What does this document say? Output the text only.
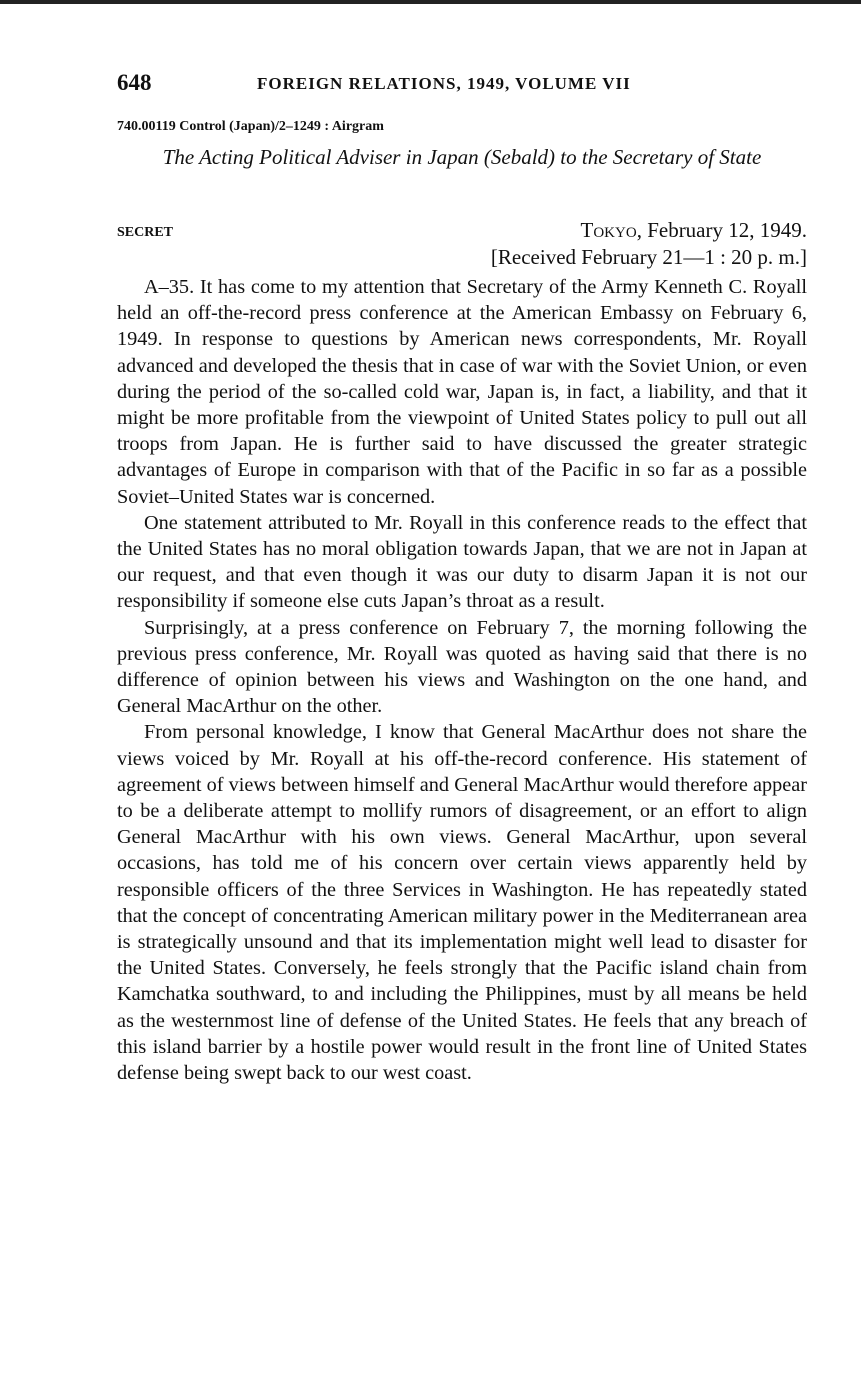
648	FOREIGN RELATIONS, 1949, VOLUME VII
740.00119 Control (Japan)/2–1249 : Airgram
The Acting Political Adviser in Japan (Sebald) to the Secretary of State
SECRET	Tokyo, February 12, 1949.
[Received February 21—1 : 20 p. m.]

A–35. It has come to my attention that Secretary of the Army Kenneth C. Royall held an off-the-record press conference at the American Embassy on February 6, 1949. In response to questions by American news correspondents, Mr. Royall advanced and developed the thesis that in case of war with the Soviet Union, or even during the period of the so-called cold war, Japan is, in fact, a liability, and that it might be more profitable from the viewpoint of United States policy to pull out all troops from Japan. He is further said to have discussed the greater strategic advantages of Europe in comparison with that of the Pacific in so far as a possible Soviet–United States war is concerned.

One statement attributed to Mr. Royall in this conference reads to the effect that the United States has no moral obligation towards Japan, that we are not in Japan at our request, and that even though it was our duty to disarm Japan it is not our responsibility if someone else cuts Japan’s throat as a result.

Surprisingly, at a press conference on February 7, the morning following the previous press conference, Mr. Royall was quoted as having said that there is no difference of opinion between his views and Washington on the one hand, and General MacArthur on the other.

From personal knowledge, I know that General MacArthur does not share the views voiced by Mr. Royall at his off-the-record conference. His statement of agreement of views between himself and General MacArthur would therefore appear to be a deliberate attempt to mollify rumors of disagreement, or an effort to align General MacArthur with his own views. General MacArthur, upon several occasions, has told me of his concern over certain views apparently held by responsible officers of the three Services in Washington. He has repeatedly stated that the concept of concentrating American military power in the Mediterranean area is strategically unsound and that its implementation might well lead to disaster for the United States. Conversely, he feels strongly that the Pacific island chain from Kamchatka southward, to and including the Philippines, must by all means be held as the westernmost line of defense of the United States. He feels that any breach of this island barrier by a hostile power would result in the front line of United States defense being swept back to our west coast.
